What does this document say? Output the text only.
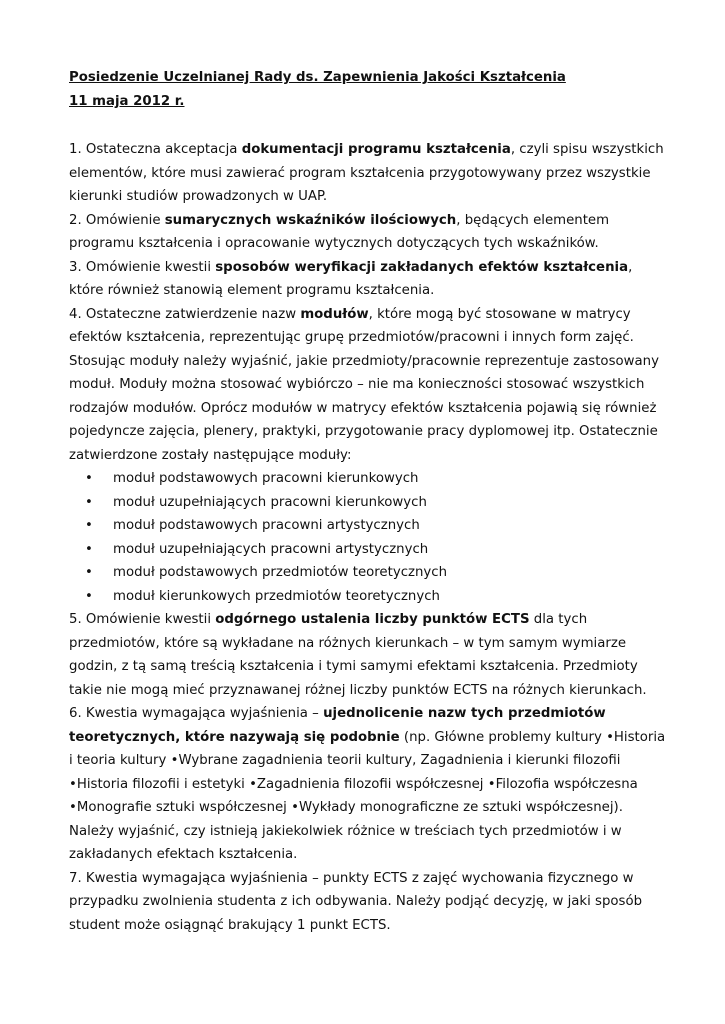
Posiedzenie Uczelnianej Rady ds. Zapewnienia Jakości Kształcenia

11 maja 2012 r.

1. Ostateczna akceptacja dokumentacji programu kształcenia, czyli spisu wszystkich elementów, które musi zawierać program kształcenia przygotowywany przez wszystkie kierunki studiów prowadzonych w UAP.

2. Omówienie sumarycznych wskaźników ilościowych, będących elementem programu kształcenia i opracowanie wytycznych dotyczących tych wskaźników.

3. Omówienie kwestii sposobów weryfikacji zakładanych efektów kształcenia, które również stanowią element programu kształcenia.

4. Ostateczne zatwierdzenie nazw modułów, które mogą być stosowane w matrycy efektów kształcenia, reprezentując grupę przedmiotów/pracowni i innych form zajęć. Stosując moduły należy wyjaśnić, jakie przedmioty/pracownie reprezentuje zastosowany moduł. Moduły można stosować wybiórczo – nie ma konieczności stosować wszystkich rodzajów modułów. Oprócz modułów w matrycy efektów kształcenia pojawią się również pojedyncze zajęcia, plenery, praktyki, przygotowanie pracy dyplomowej itp. Ostatecznie zatwierdzone zostały następujące moduły:

• moduł podstawowych pracowni kierunkowych
• moduł uzupełniających pracowni kierunkowych
• moduł podstawowych pracowni artystycznych
• moduł uzupełniających pracowni artystycznych
• moduł podstawowych przedmiotów teoretycznych
• moduł kierunkowych przedmiotów teoretycznych

5. Omówienie kwestii odgórnego ustalenia liczby punktów ECTS dla tych przedmiotów, które są wykładane na różnych kierunkach – w tym samym wymiarze godzin, z tą samą treścią kształcenia i tymi samymi efektami kształcenia. Przedmioty takie nie mogą mieć przyznawanej różnej liczby punktów ECTS na różnych kierunkach.

6. Kwestia wymagająca wyjaśnienia – ujednolicenie nazw tych przedmiotów teoretycznych, które nazywają się podobnie (np. Główne problemy kultury •Historia i teoria kultury •Wybrane zagadnienia teorii kultury, Zagadnienia i kierunki filozofii •Historia filozofii i estetyki •Zagadnienia filozofii współczesnej •Filozofia współczesna •Monografie sztuki współczesnej •Wykłady monograficzne ze sztuki współczesnej). Należy wyjaśnić, czy istnieją jakiekolwiek różnice w treściach tych przedmiotów i w zakładanych efektach kształcenia.

7. Kwestia wymagająca wyjaśnienia – punkty ECTS z zajęć wychowania fizycznego w przypadku zwolnienia studenta z ich odbywania. Należy podjąć decyzję, w jaki sposób student może osiągnąć brakujący 1 punkt ECTS.
